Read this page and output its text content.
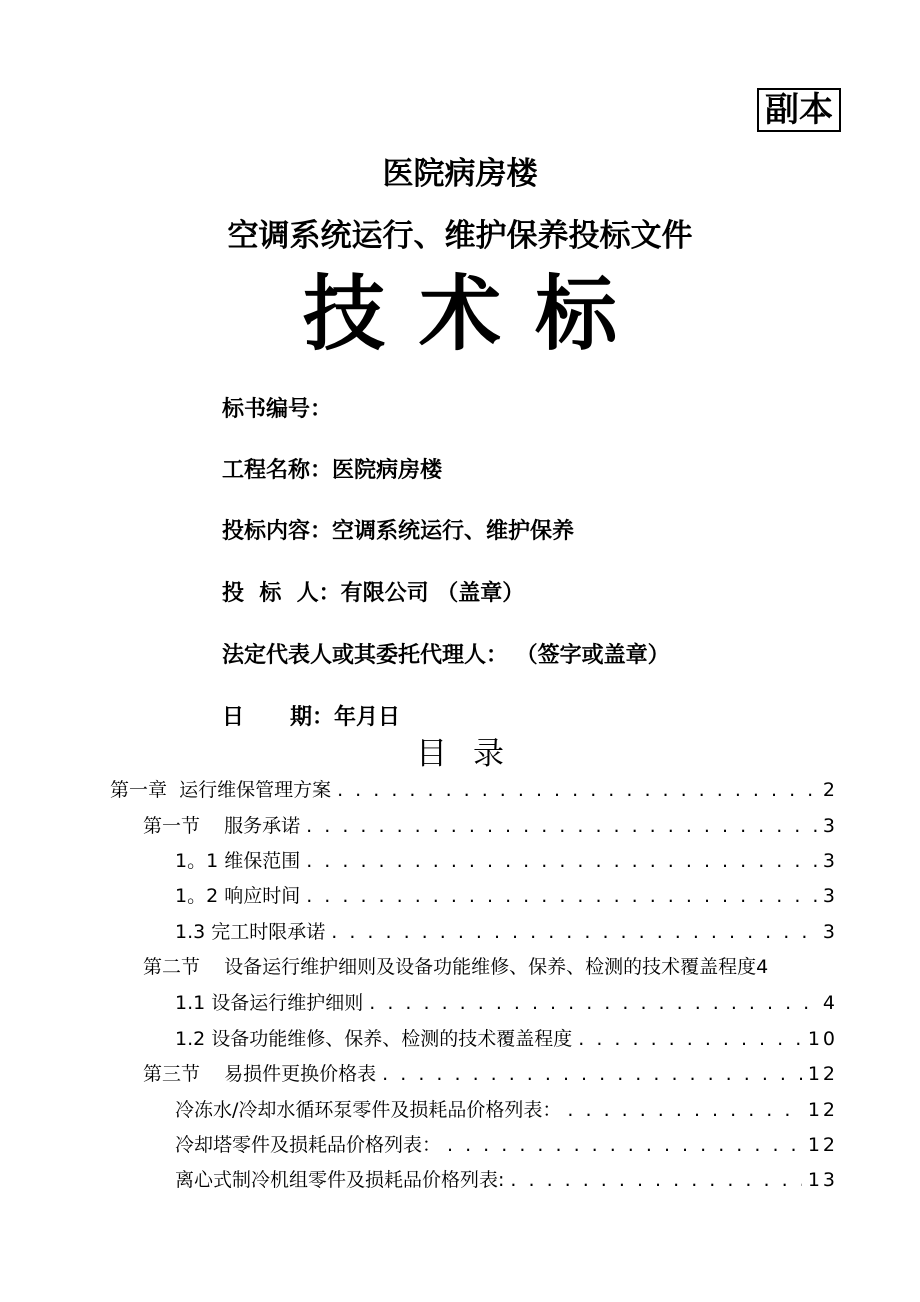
副本
医院病房楼
空调系统运行、维护保养投标文件
技术标
标书编号：
工程名称：医院病房楼
投标内容：空调系统运行、维护保养
投  标  人：有限公司 （盖章）
法定代表人或其委托代理人： （签字或盖章）
日      期：年月日
目录
第一章  运行维保管理方案 . . .	2
第一节    服务承诺 . . .	3
1。1 维保范围 . . .	3
1。2 响应时间 . . .	3
1.3 完工时限承诺 . . .	3
第二节    设备运行维护细则及设备功能维修、保养、检测的技术覆盖程度 4
1.1 设备运行维护细则 . . .	4
1.2 设备功能维修、保养、检测的技术覆盖程度 . . .	10
第三节    易损件更换价格表 . . .	12
冷冻水/冷却水循环泵零件及损耗品价格列表： . . .	12
冷却塔零件及损耗品价格列表： . . .	12
离心式制冷机组零件及损耗品价格列表: . . .	13
